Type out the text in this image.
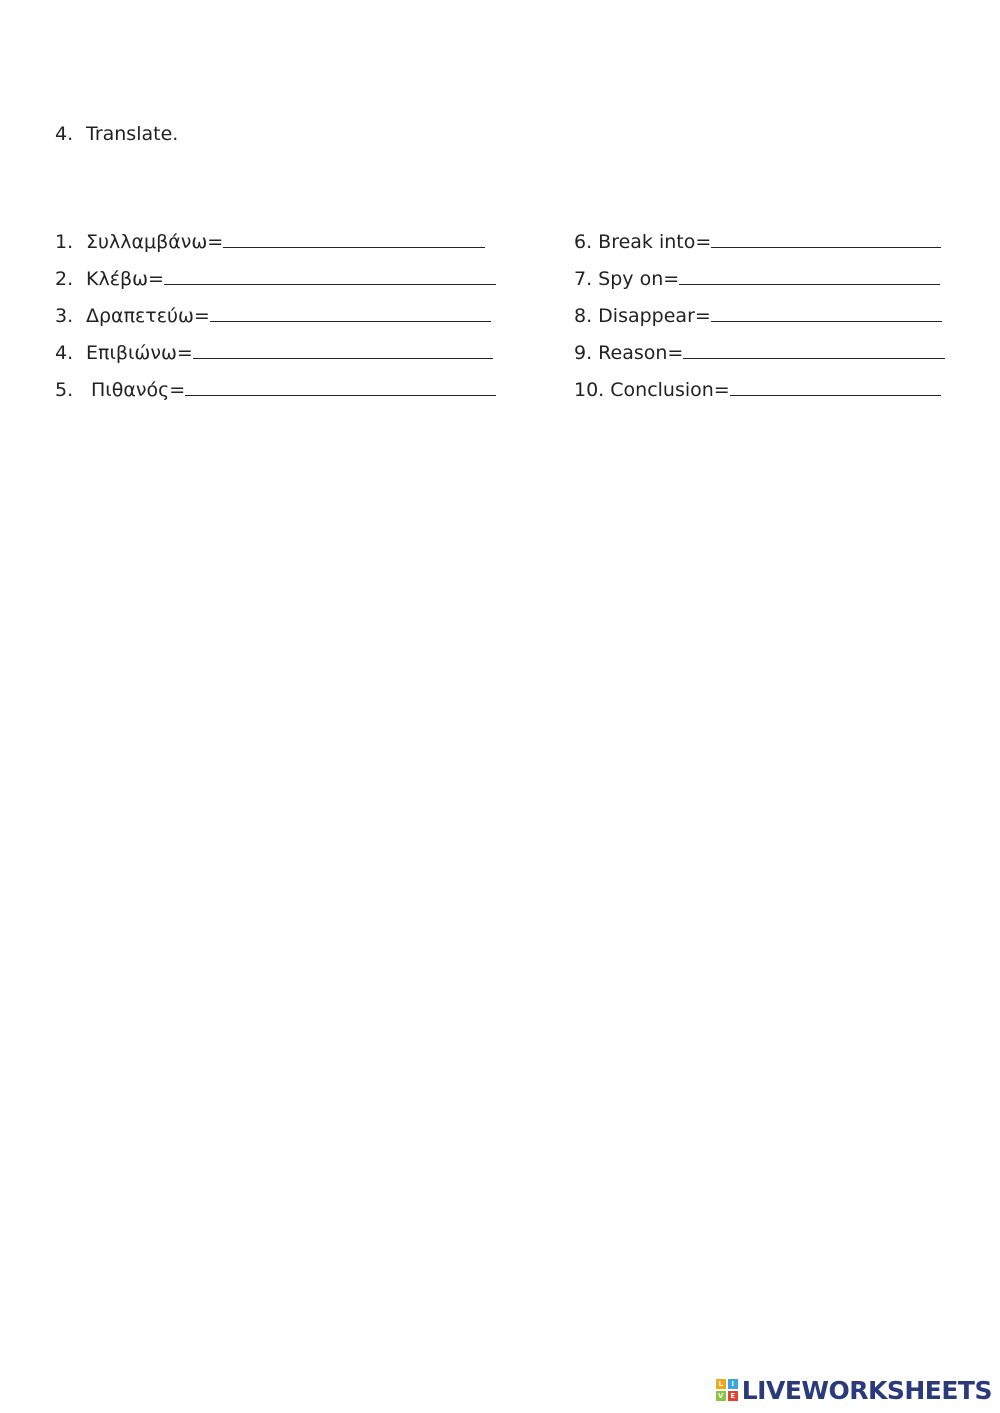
4. Translate.
1. Συλλαμβάνω=
2. Κλέβω=
3. Δραπετεύω=
4. Επιβιώνω=
5. Πιθανός=
6. Break into=
7. Spy on=
8. Disappear=
9. Reason=
10. Conclusion=
L	I
V E LIVEWORKSHEETS
